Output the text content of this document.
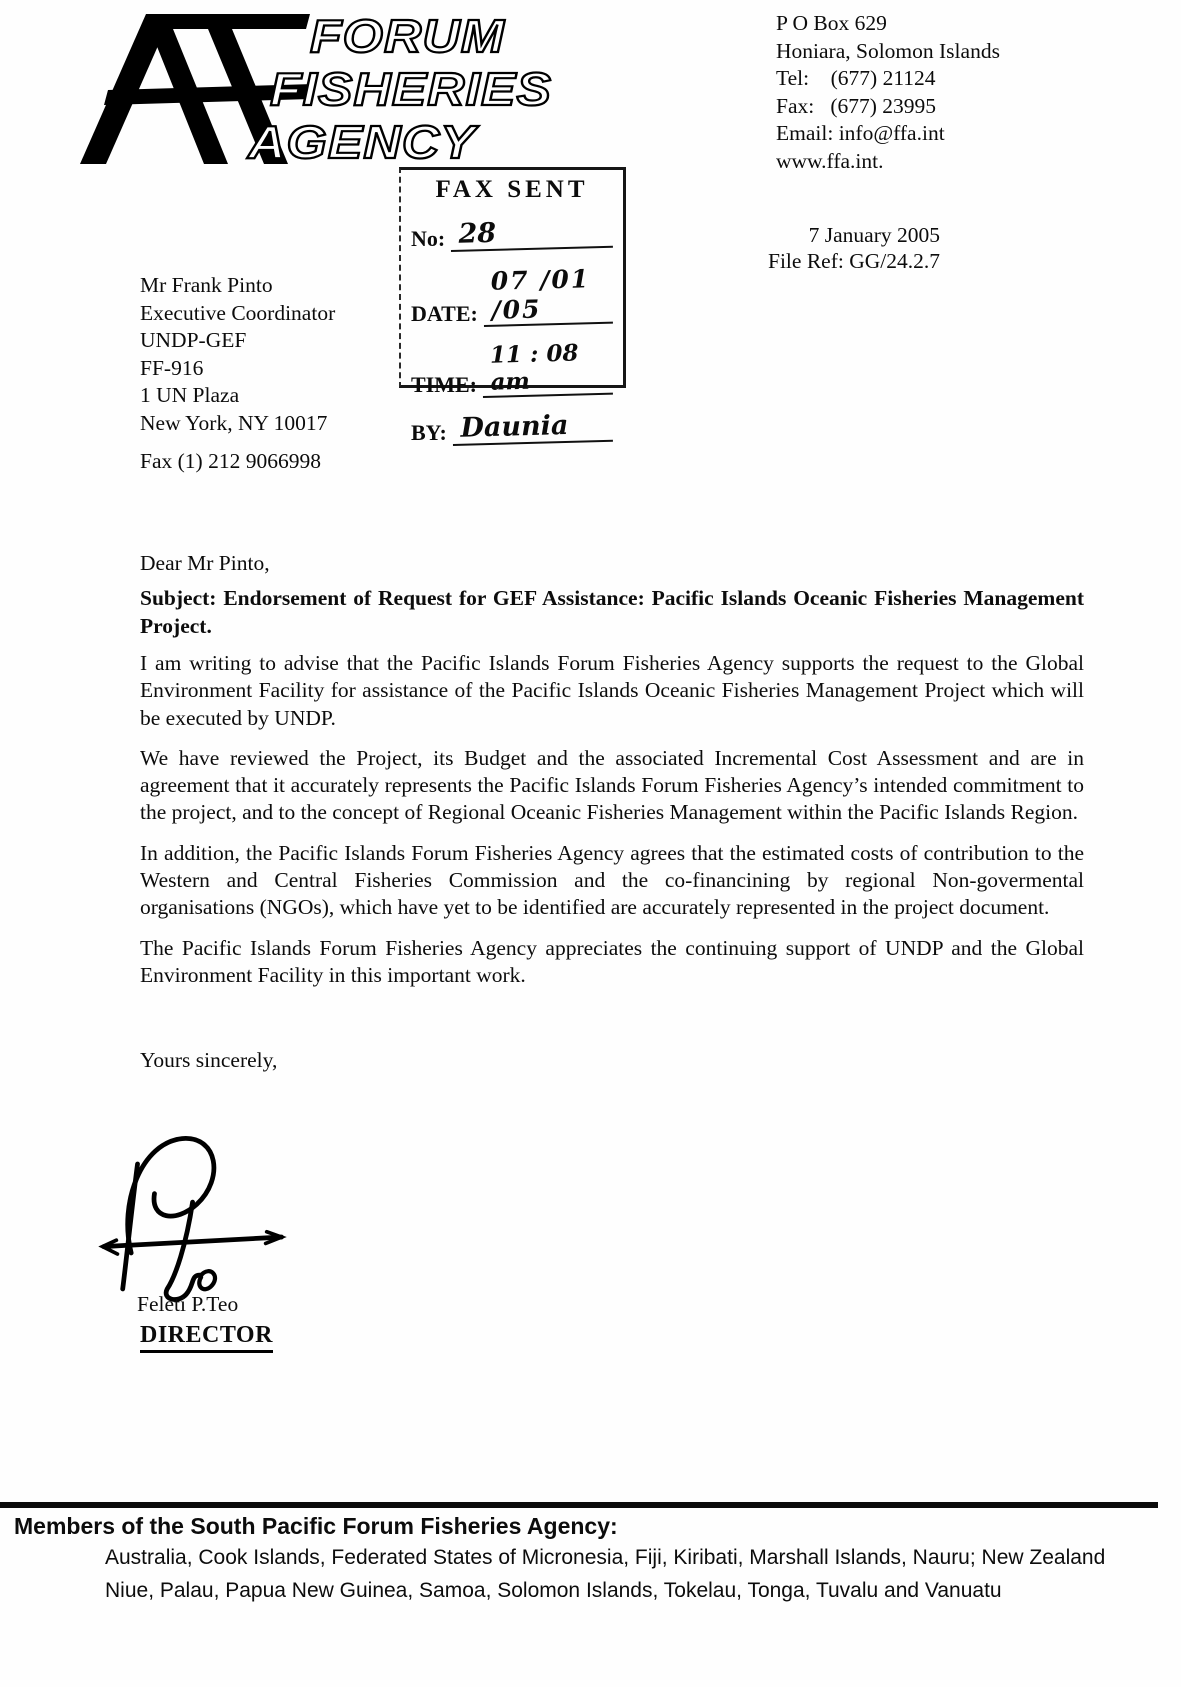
FORUM
FISHERIES
AGENCY
P O Box 629
Honiara, Solomon Islands
Tel:    (677) 21124
Fax:   (677) 23995
Email: info@ffa.int
www.ffa.int.
FAX SENT
No: 28
DATE:
07 /01 /05
TIME:
11 : 08 am
BY: Daunia
7 January 2005
File Ref: GG/24.2.7
Mr Frank Pinto
Executive Coordinator
UNDP-GEF
FF-916
1 UN Plaza
New York, NY 10017
Fax (1) 212 9066998
Dear Mr Pinto,
Subject: Endorsement of Request for GEF Assistance: Pacific Islands Oceanic Fisheries Management Project.

I am writing to advise that the Pacific Islands Forum Fisheries Agency supports the request to the Global Environment Facility for assistance of the Pacific Islands Oceanic Fisheries Management Project which will be executed by UNDP.

We have reviewed the Project, its Budget and the associated Incremental Cost Assessment and are in agreement that it accurately represents the Pacific Islands Forum Fisheries Agency’s intended commitment to the project, and to the concept of Regional Oceanic Fisheries Management within the Pacific Islands Region.

In addition, the Pacific Islands Forum Fisheries Agency agrees that the estimated costs of contribution to the Western and Central Fisheries Commission and the co-financining by regional Non-govermental organisations (NGOs), which have yet to be identified are accurately represented in the project document.

The Pacific Islands Forum Fisheries Agency appreciates the continuing support of UNDP and the Global Environment Facility in this important work.

Yours sincerely,
Feleti P.Teo
DIRECTOR
Members of the South Pacific Forum Fisheries Agency:
Australia, Cook Islands, Federated States of Micronesia, Fiji, Kiribati, Marshall Islands, Nauru; New Zealand
Niue, Palau, Papua New Guinea, Samoa, Solomon Islands, Tokelau, Tonga, Tuvalu and Vanuatu
